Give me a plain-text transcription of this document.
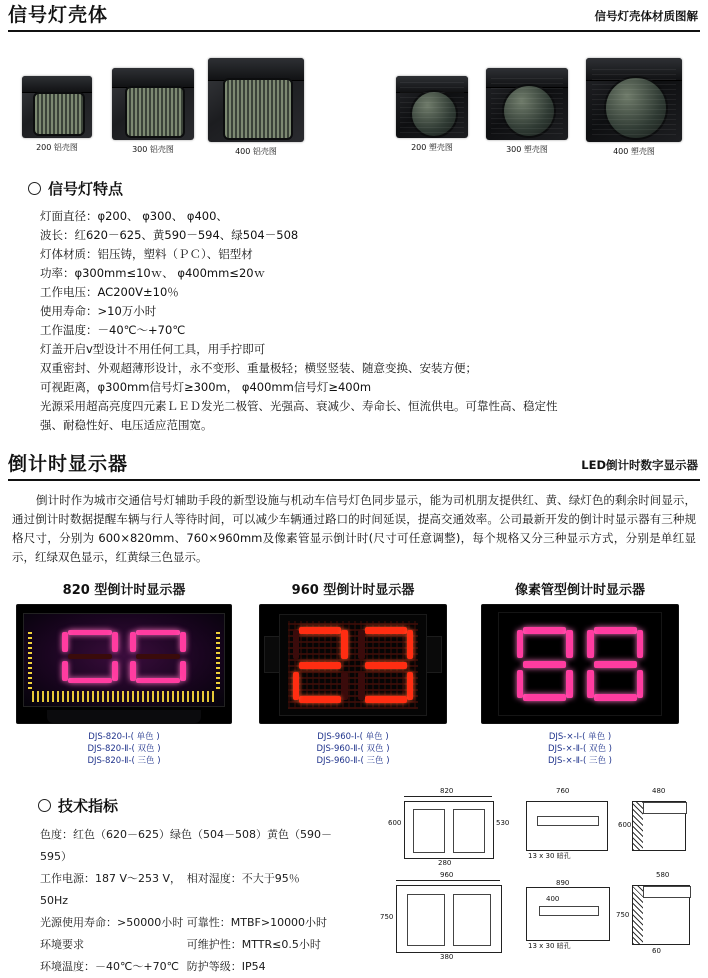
信号灯壳体	信号灯壳体材质图解
200 铝壳图	300 铝壳图	400 铝壳图	200 塑壳图	300 塑壳图	400 塑壳图
信号灯特点
灯面直径：φ200、 φ300、 φ400、
波长：红620－625、黄590－594、绿504－508
灯体材质：铝压铸，塑料（ＰＣ）、铝型材
功率：φ300mm≤10ｗ、 φ400mm≤20ｗ
工作电压：AC200V±10％
使用寿命：>10万小时
工作温度：－40℃～+70℃
灯盖开启v型设计不用任何工具，用手拧即可
双重密封、外观超薄形设计，永不变形、重量极轻；横竖竖装、随意变换、安装方便；
可视距离，φ300mm信号灯≥300m， φ400mm信号灯≥400m
光源采用超高亮度四元素ＬＥＤ发光二极管、光强高、衰减少、寿命长、恒流供电。可靠性高、稳定性
强、耐稳性好、电压适应范围宽。
倒计时显示器	LED倒计时数字显示器
倒计时作为城市交通信号灯辅助手段的新型设施与机动车信号灯色同步显示，能为司机朋友提供红、黄、绿灯色的剩余时间显示，通过倒计时数据提醒车辆与行人等待时间，可以减少车辆通过路口的时间延误，提高交通效率。公司最新开发的倒计时显示器有三种规格尺寸，分别为 600×820mm、760×960mm及像素管显示倒计时(尺寸可任意调整)，每个规格又分三种显示方式，分别是单红显示，红绿双色显示，红黄绿三色显示。
820 型倒计时显示器
DJS-820-Ⅰ-( 单色 )
DJS-820-Ⅱ-( 双色 )
DJS-820-Ⅱ-( 三色 )
960 型倒计时显示器
DJS-960-Ⅰ-( 单色 )
DJS-960-Ⅱ-( 双色 )
DJS-960-Ⅱ-( 三色 )
像素管型倒计时显示器
DJS-×-Ⅰ-( 单色 )
DJS-×-Ⅱ-( 双色 )
DJS-×-Ⅱ-( 三色 )
技术指标
色度：红色（620－625）绿色（504－508）黄色（590－595）
工作电源：187 V～253 V，50Hz
相对湿度：不大于95％
光源使用寿命：>50000小时 可靠性：MTBF>10000小时
环境要求	可维护性：MTTR≤0.5小时
环境温度：－40℃～+70℃ 防护等级：IP54
820
600	530
280
760
13 x 30 暗孔
480
600
960
750
380
890
400
13 x 30 暗孔
580
750
60
